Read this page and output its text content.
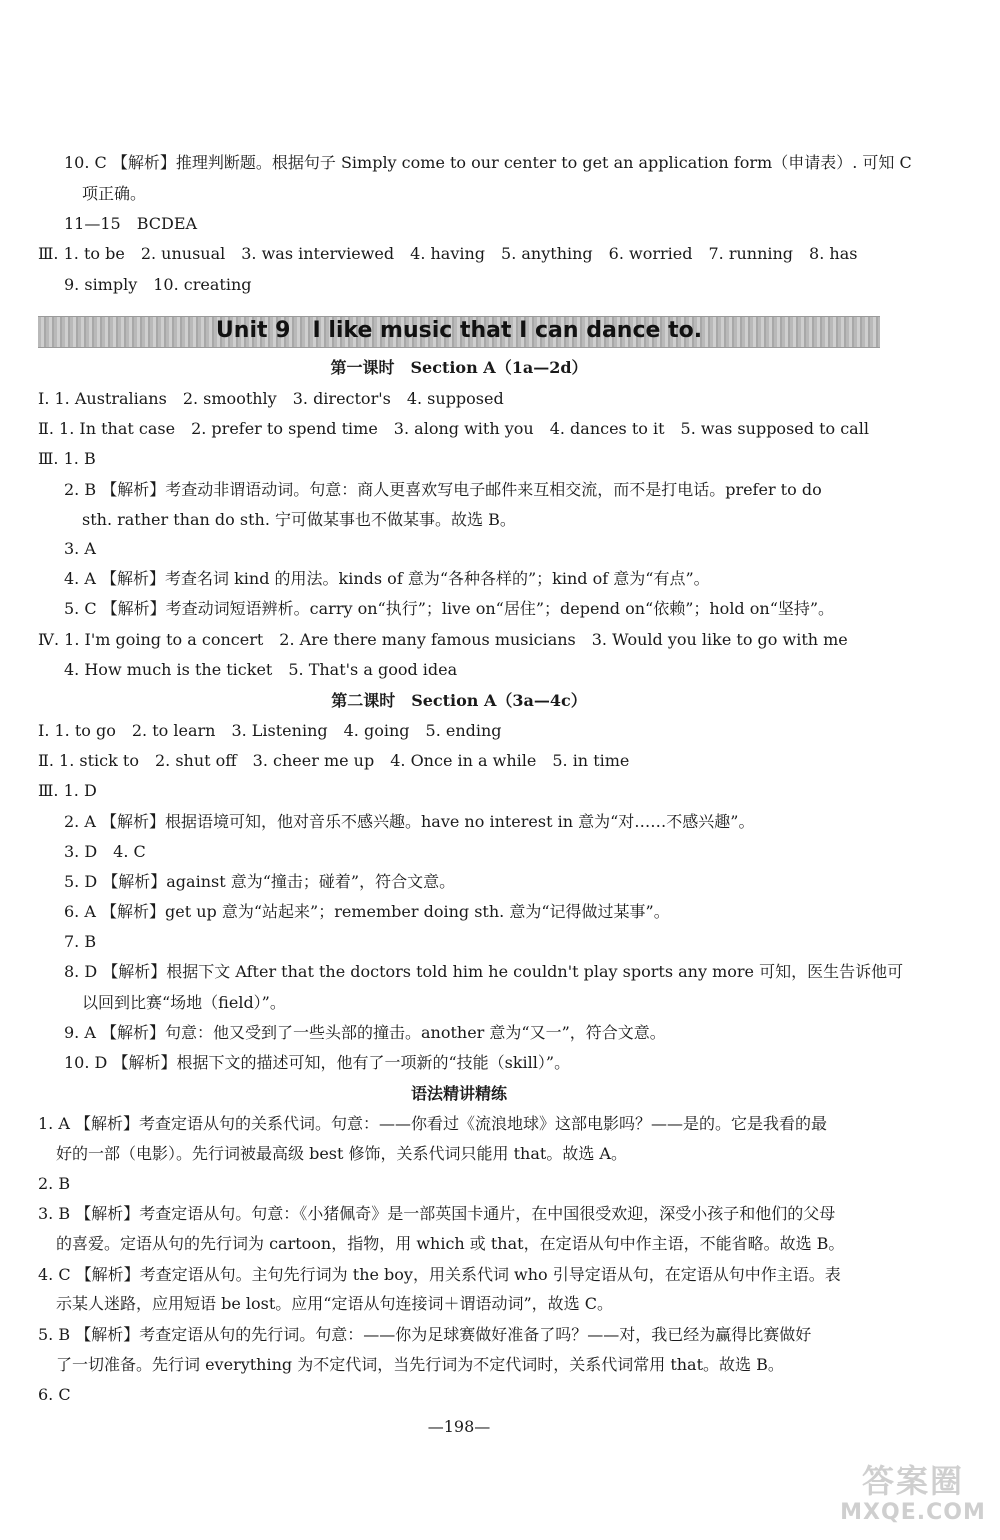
10. C 【解析】推理判断题。根据句子 Simply come to our center to get an application form（申请表）. 可知 C
项正确。
11—15　BCDEA
Ⅲ. 1. to be　2. unusual　3. was interviewed　4. having　5. anything　6. worried　7. running　8. has
9. simply　10. creating
Unit 9　I like music that I can dance to.
第一课时　Section A（1a—2d）
Ⅰ. 1. Australians　2. smoothly　3. director's　4. supposed
Ⅱ. 1. In that case　2. prefer to spend time　3. along with you　4. dances to it　5. was supposed to call
Ⅲ. 1. B
2. B 【解析】考查动非谓语动词。句意：商人更喜欢写电子邮件来互相交流，而不是打电话。prefer to do
sth. rather than do sth. 宁可做某事也不做某事。故选 B。
3. A
4. A 【解析】考查名词 kind 的用法。kinds of 意为“各种各样的”；kind of 意为“有点”。
5. C 【解析】考查动词短语辨析。carry on“执行”；live on“居住”；depend on“依赖”；hold on“坚持”。
Ⅳ. 1. I'm going to a concert　2. Are there many famous musicians　3. Would you like to go with me
4. How much is the ticket　5. That's a good idea
第二课时　Section A（3a—4c）
Ⅰ. 1. to go　2. to learn　3. Listening　4. going　5. ending
Ⅱ. 1. stick to　2. shut off　3. cheer me up　4. Once in a while　5. in time
Ⅲ. 1. D
2. A 【解析】根据语境可知，他对音乐不感兴趣。have no interest in 意为“对……不感兴趣”。
3. D　4. C
5. D 【解析】against 意为“撞击；碰着”，符合文意。
6. A 【解析】get up 意为“站起来”；remember doing sth. 意为“记得做过某事”。
7. B
8. D 【解析】根据下文 After that the doctors told him he couldn't play sports any more 可知，医生告诉他可
以回到比赛“场地（field）”。
9. A 【解析】句意：他又受到了一些头部的撞击。another 意为“又一”，符合文意。
10. D 【解析】根据下文的描述可知，他有了一项新的“技能（skill）”。
语法精讲精练
1. A 【解析】考查定语从句的关系代词。句意：——你看过《流浪地球》这部电影吗？——是的。它是我看的最
好的一部（电影）。先行词被最高级 best 修饰，关系代词只能用 that。故选 A。
2. B
3. B 【解析】考查定语从句。句意：《小猪佩奇》是一部英国卡通片，在中国很受欢迎，深受小孩子和他们的父母
的喜爱。定语从句的先行词为 cartoon，指物，用 which 或 that，在定语从句中作主语，不能省略。故选 B。
4. C 【解析】考查定语从句。主句先行词为 the boy，用关系代词 who 引导定语从句，在定语从句中作主语。表
示某人迷路，应用短语 be lost。应用“定语从句连接词＋谓语动词”，故选 C。
5. B 【解析】考查定语从句的先行词。句意：——你为足球赛做好准备了吗？——对，我已经为赢得比赛做好
了一切准备。先行词 everything 为不定代词，当先行词为不定代词时，关系代词常用 that。故选 B。
6. C
—198—
答案圈
MXQE.COM
